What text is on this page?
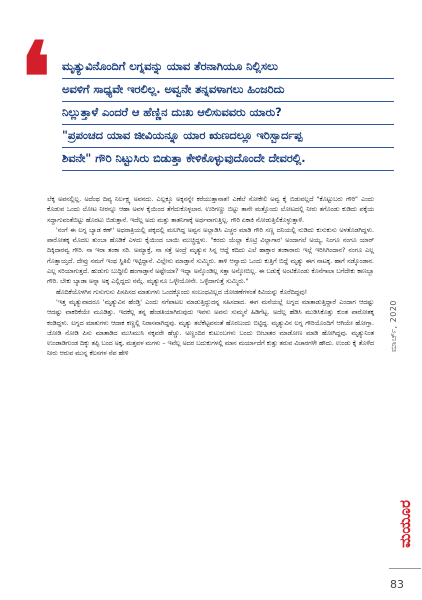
❛ ಮೃತ್ಯುವಿನೊಂದಿಗೆ ಲಗ್ನವನ್ನು ಯಾವ ತೆರನಾಗಿಯೂ ನಿಲ್ಲಿಸಲು
ಅವಳಿಗೆ ಸಾಧ್ಯವೇ ಇರಲಿಲ್ಲ. ಅವ್ವನೇ ತನ್ನವಳಾಗಲು ಹಿಂಜರಿದು
ನಿಲ್ಲುತ್ತಾಳೆ ಎಂದರೆ ಆ ಹೆಣ್ಣಿನ ದುಃಖ ಆಲಿಸುವವರು ಯಾರು?
"ಪ್ರಪಂಚದ ಯಾವ ಜೀವಿಯನ್ನೂ ಯಾರ ಋಣದಲ್ಲೂ ಇರಿಸ್ಬಾರ್ದಪ್ಪ
ಶಿವನೇ" ಗೌರಿ ನಿಟ್ಟುಸಿರು ಬಿಡುತ್ತಾ ಕೇಳಿಕೊಳ್ಳುವುದೊಂದೇ ದೇವರಲ್ಲಿ.

ಲೆಕ್ಕ ಅವನಲ್ಲಿಲ್ಲ. ಅದೆಂಥ ದಿವ್ಯ ನಿರ್ಲಕ್ಷ್ಯ ಅವನದು. ಎಲ್ಲಕ್ಕೂ ಅಕ್ಕನನ್ನೇ ಕರೆಯುತ್ತಾನಾತ! ಎಣೆಲೆ ಸೋಕೇಲಿ ಅವ್ವ ಕೈ ಬಿಡುವಲ್ಲದೆ "ಕೊಟ್ಟುಬರು ಗೌರಿ" ಎಂದು ಕೊಡುವ ಒಂದು ಲೋಟ ನೀರನ್ನೂ ಆಹಾ ಅವಳ ಕೈಯಿಂದ ತೆಗೆದುಕೊಳ್ಳಲಾರ. ಉರಿಗಣ್ಣು ಬಿಟ್ಟು ತಾನೇ ಮತ್ತೊಂದು ಲೋಟದಲ್ಲಿ ನೀರು ತಗೊಂಡು ಕುಡಿದು ಪಕ್ಕೆಯ ಸದ್ದಾಗುವಂತೆಬಿಟ್ಟು ಹೊರಟು ಬಿಡುತ್ತಾನೆ. ಇದೆಲ್ಲ ಅದು ಮತ್ತು ತಾತನಿಗಾಕ್ಕೆ ಅರ್ಥವಾಗುತ್ತಿಲ್ಲ. ಗೌರಿ ಏಕಾಕಿ ನೋಡುತ್ತಿಲಿಕೊಳ್ಳುತ್ತಾಳೆ.

'ನಂಗೆ ಈ ಲಗ್ನ ಬ್ಯಾಡ ಕಣ್' ಅಧರಾತ್ರಿಯಲ್ಲಿ ಪಕ್ಕದಲ್ಲಿ ಮಲಗಿದ್ದ ಅವ್ವನ ಅಲ್ಲಾಡಿಸಿ ಎಚ್ಚರ ಮಾಡಿ ಗೌರಿ ಸಣ್ಣ ದನಿಯಲ್ಲಿ ನುಡಿದು ಕುಸುಕುಸು ಅಳತೊಡಗಿದ್ದಳು. ಪಾರೋತಕ್ಕ ಮೊದಲ ತುಂಬಾ ಹೊಡಿಕೆ ಎಳದು ಕೈಯಿಂದ ಬಾಯಿ ಮುಚ್ಚಿದ್ದಳು. "ಕರದು ಯೆಲ್ಲಾ ಕೊಟ್ರಿ ವಿಲ್ಲಾಗಾರ' ಅಂದಾಗಲೆ ಅಯ್ಯ, ನಿಂಗೂ ನಂಗೂ ಯಾರ್ ದಿಕ್ಕಿದಾರವ್ವ ಗೌರಿ. ನಾ ಇರಾ ತಂಕಾ ಸರಿ. ಅಮ್ಯಾಕ್ತೆ, ನಾ ಸತ್ತೆ ಅಂದ್ರೆ ಮೃತ್ಯುನ ಸಿನ್ನ ಆದ್ದೆ ಕದಿದು ಎಲೆ ಹಾಕ್ತಾರ ತಂಕಾರಾರು ಇಲ್ಲೆ ಇರಿಸಿಗಿಂದಾನ? ನಂಗೂ ಎಲ್ಲ ಗೊತ್ತಾಯ್ತದೆ. ದೇವ್ರು ನಮಗೆ ಇಂಥ ಸ್ಥಿತಿಲಿ ಇಟ್ಟಿದ್ದಾನೆ. ವಿಲ್ಲೇನು ಮಾಡ್ತಾನೆ ಸುಮ್ಮಿರು. ತಾಳಿ ಆನ್ವಾದು ಒಂದು ಕುತ್ತಿಗೆ ಬಿದ್ದೆ ಮೃತ್ಯು ಈಗ ನಾಟಕ್ಕ. ಹಾಗೆ ನಡ್ಕೊಂಡಾನ. ಎಲ್ಲ ಸರಿಯಾಗುತ್ತದೆ. ಹುಡುಗು ಬುದ್ಧೀಲಿ ಹಂಗಾಡ್ತಾನೆ ಅಷ್ಟೇಯಾ? ಇದ್ನಾ ಅನ್ಕೊಂಡಿಲ್ಲ ಸತ್ತಾ ಅನ್ಕೋಬಿಲ್ಲ. ಈ ಬಡುಕ್ಕೆ ಅಂಟಿಕೊಂಡು ಕೊನೆಗಾಲಾ ಬಗೆದೇಕು ಕಾಣಬ್ಬಾ ಗೌರಿ. ಬೇಕು ಬ್ಯಾಡಾ ಅನ್ನಾ ಅಕ್ಕ ಎಲ್ಲಿದ್ದದು ನಮ್ಗೆ. ಮೃತ್ಯುನೂ ಒಳ್ಳೇಯೋನೇ. ಒಳ್ಳೆದಾಗುತ್ತೆ ಸುಮ್ಮಿರು."

ಹೊದಿಕೆಯೊಳಗಿನ ಗುಸುಗುಸು ಪಿಸಪಿಸದ ಮಾತುಗಳು ಒಂದಕ್ಕೊಂದು ಸಂಬಂಧವಿಲ್ಲದ ಜೋಡಣೆಗಳಂತೆ ಕಿವಿಯನ್ನು ಕೊರೆದಿದ್ದವು!

'ಇತ್ತ ಮೃತ್ಯುವಾದರೂ 'ಮೃತ್ಯುವಿನ ಹೆಂಡ್ತಿ' ಎಂದು ನಗೆಪಾಟಲ ಮಾಡುತ್ತಿದ್ದುದನ್ನ ಸಹಿಸದಾದ. ಈಗ ಮನೆಯಲ್ಲೆ ಲಗ್ನದ ಮಾತಾಡುತ್ತಿದ್ದಾರೆ ಎಂದಾಗ ಆದಷ್ಟು ಆದಷ್ಟು ವಾಕರಿಕೆಯೇ ಮೂಡಿತ್ತು. ಇದಕೆಲ್ಲ ತನ್ನ ಹೆಂಡತಿಯಾಗಿರುವುದು ಇವಳು ಅವನು ಸುಮ್ಮನೆ ಹಿಡಿಗೆಟ್ಟ. ಅದೆಲ್ಲ ಹೆಡಿಸಿ ಮುಡಿಸಿಕೊತ್ತು ಕುಂತ ಪಾರೋತಕ್ಕ ಕಂಡಿದ್ದಳು. ಲಗ್ನದ ಮಾತುಗಳು ಆದಾಕ ಕಣ್ಣಲ್ಲಿ ನಿರಾಸವಾಗಿದ್ದವು. ಮೃತ್ಯು ತಲೆಕೆಟ್ಟವನಂತೆ ಹೊರಬಂದು ಬಿಟ್ಟಿದ್ದ. ಮೃತ್ಯುವಿನ ಲಗ್ನ ಗೌರಿಯೊಂದಿಗೆ ಆಗಿಯೇ ಹೋಗ್ತಾ. ಜೋಡಿ ನೋಡಿ ಪಿಸು ಮಾತಾಡಿದ ಮುಸಿಮುಸಿ ನಕ್ಕವರೇ ಹೆಚ್ಚು. ಅಣ್ಣಂದಿರ ಕುಟುಂಬಗಳು ಬಂದು ಬೀಬಾತರ ಮಾಡೋಣ ಮಾಡಿ ಹೋಗಿದ್ದವು. ಮೃತ್ಯುನಿಂತ ಉಂಡಾಡಿಗುಂಡ ದಿಕ್ಕು ತಪ್ಪಿ ಬಂದ ಅಕ್ಕ, ಮತ್ತವಳ ಮಗಳು – ಇವೆಲ್ಲ ಅದರ ಬದುಕುಗಳಲ್ಲಿ ಮಾನ ಮರ್ಯಾದೆಗೆ ಕುತ್ತು ತರುವ ವಿಚಾರಗಳೇ ಹೌದು. ಉಂಡು ಕೈ ತೊಳೆದ ನೀರು ಆರುವ ಮುನ್ನ ಕೆಲಸಗಳ ನೆಪ ಹೇಳಿ

ಮಾರ್ಚ್, 2020
ಮಯೂರ
83
